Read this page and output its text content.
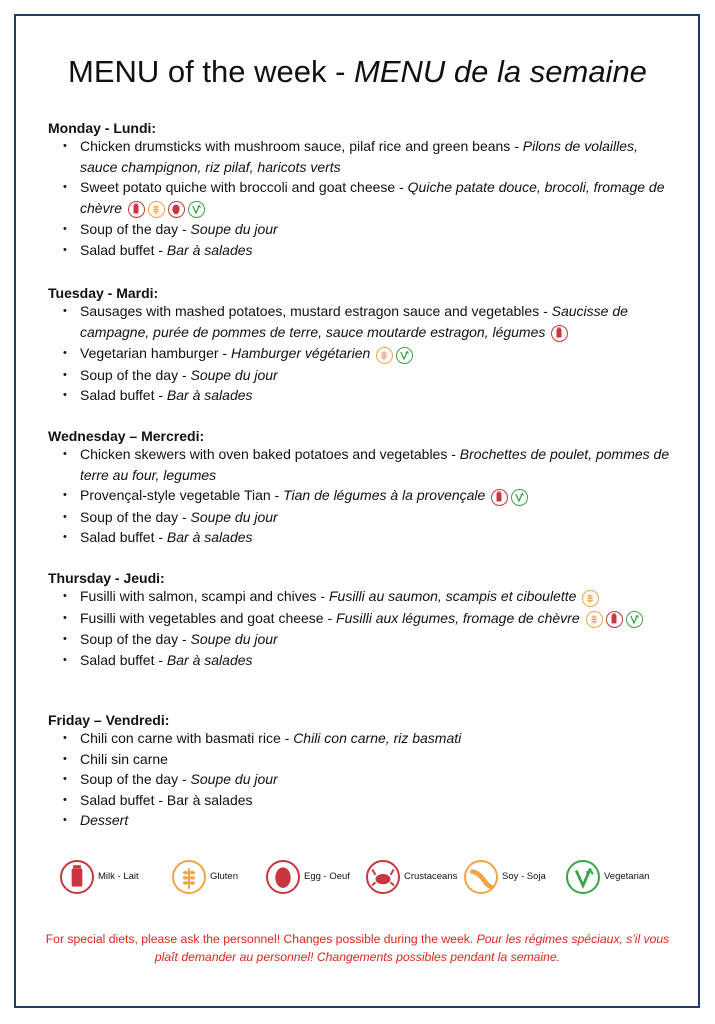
MENU of the week - MENU de la semaine
Monday - Lundi:
• Chicken drumsticks with mushroom sauce, pilaf rice and green beans - Pilons de volailles, sauce champignon, riz pilaf, haricots verts
• Sweet potato quiche with broccoli and goat cheese - Quiche patate douce, brocoli, fromage de chèvre
• Soup of the day - Soupe du jour
• Salad buffet - Bar à salades
Tuesday - Mardi:
• Sausages with mashed potatoes, mustard estragon sauce and vegetables - Saucisse de campagne, purée de pommes de terre, sauce moutarde estragon, légumes
• Vegetarian hamburger - Hamburger végétarien
• Soup of the day - Soupe du jour
• Salad buffet - Bar à salades
Wednesday – Mercredi:
• Chicken skewers with oven baked potatoes and vegetables - Brochettes de poulet, pommes de terre au four, legumes
• Provençal-style vegetable Tian - Tian de légumes à la provençale
• Soup of the day - Soupe du jour
• Salad buffet - Bar à salades
Thursday - Jeudi:
• Fusilli with salmon, scampi and chives - Fusilli au saumon, scampis et ciboulette
• Fusilli with vegetables and goat cheese - Fusilli aux légumes, fromage de chèvre
• Soup of the day - Soupe du jour
• Salad buffet - Bar à salades
Friday – Vendredi:
• Chili con carne with basmati rice - Chili con carne, riz basmati
• Chili sin carne
• Soup of the day - Soupe du jour
• Salad buffet - Bar à salades
• Dessert
Milk - Lait	Gluten	Egg - Oeuf	Crustaceans	Soy - Soja	Vegetarian
For special diets, please ask the personnel! Changes possible during the week. Pour les régimes spéciaux, s'il vous plaît demander au personnel! Changements possibles pendant la semaine.
